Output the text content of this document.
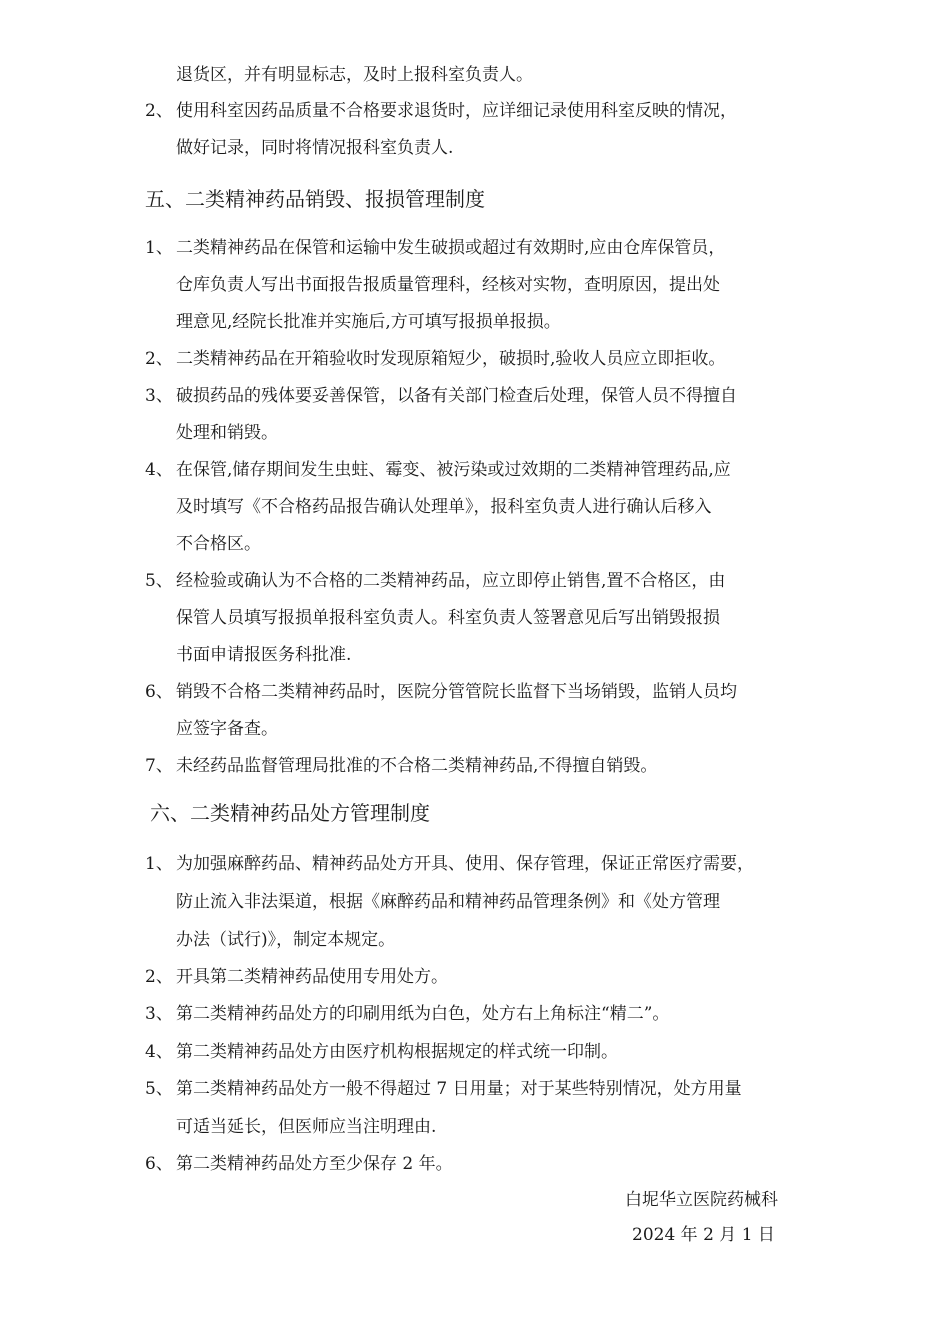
退货区，并有明显标志，及时上报科室负责人。
2、 使用科室因药品质量不合格要求退货时，应详细记录使用科室反映的情况，
做好记录，同时将情况报科室负责人.
五、二类精神药品销毁、报损管理制度
1、 二类精神药品在保管和运输中发生破损或超过有效期时,应由仓库保管员，
仓库负责人写出书面报告报质量管理科，经核对实物，查明原因，提出处
理意见,经院长批准并实施后,方可填写报损单报损。
2、 二类精神药品在开箱验收时发现原箱短少，破损时,验收人员应立即拒收。
3、 破损药品的残体要妥善保管，以备有关部门检查后处理，保管人员不得擅自
处理和销毁。
4、 在保管,储存期间发生虫蛀、霉变、被污染或过效期的二类精神管理药品,应
及时填写《不合格药品报告确认处理单》，报科室负责人进行确认后移入
不合格区。
5、 经检验或确认为不合格的二类精神药品，应立即停止销售,置不合格区，由
保管人员填写报损单报科室负责人。科室负责人签署意见后写出销毁报损
书面申请报医务科批准.
6、 销毁不合格二类精神药品时，医院分管管院长监督下当场销毁，监销人员均
应签字备查。
7、 未经药品监督管理局批准的不合格二类精神药品,不得擅自销毁。
六、二类精神药品处方管理制度
1、 为加强麻醉药品、精神药品处方开具、使用、保存管理，保证正常医疗需要，
防止流入非法渠道，根据《麻醉药品和精神药品管理条例》和《处方管理
办法（试行)》，制定本规定。
2、 开具第二类精神药品使用专用处方。
3、 第二类精神药品处方的印刷用纸为白色，处方右上角标注“精二”。
4、 第二类精神药品处方由医疗机构根据规定的样式统一印制。
5、 第二类精神药品处方一般不得超过 7 日用量；对于某些特别情况，处方用量
可适当延长，但医师应当注明理由.
6、 第二类精神药品处方至少保存 2 年。
白坭华立医院药械科
2024 年 2 月 1 日
